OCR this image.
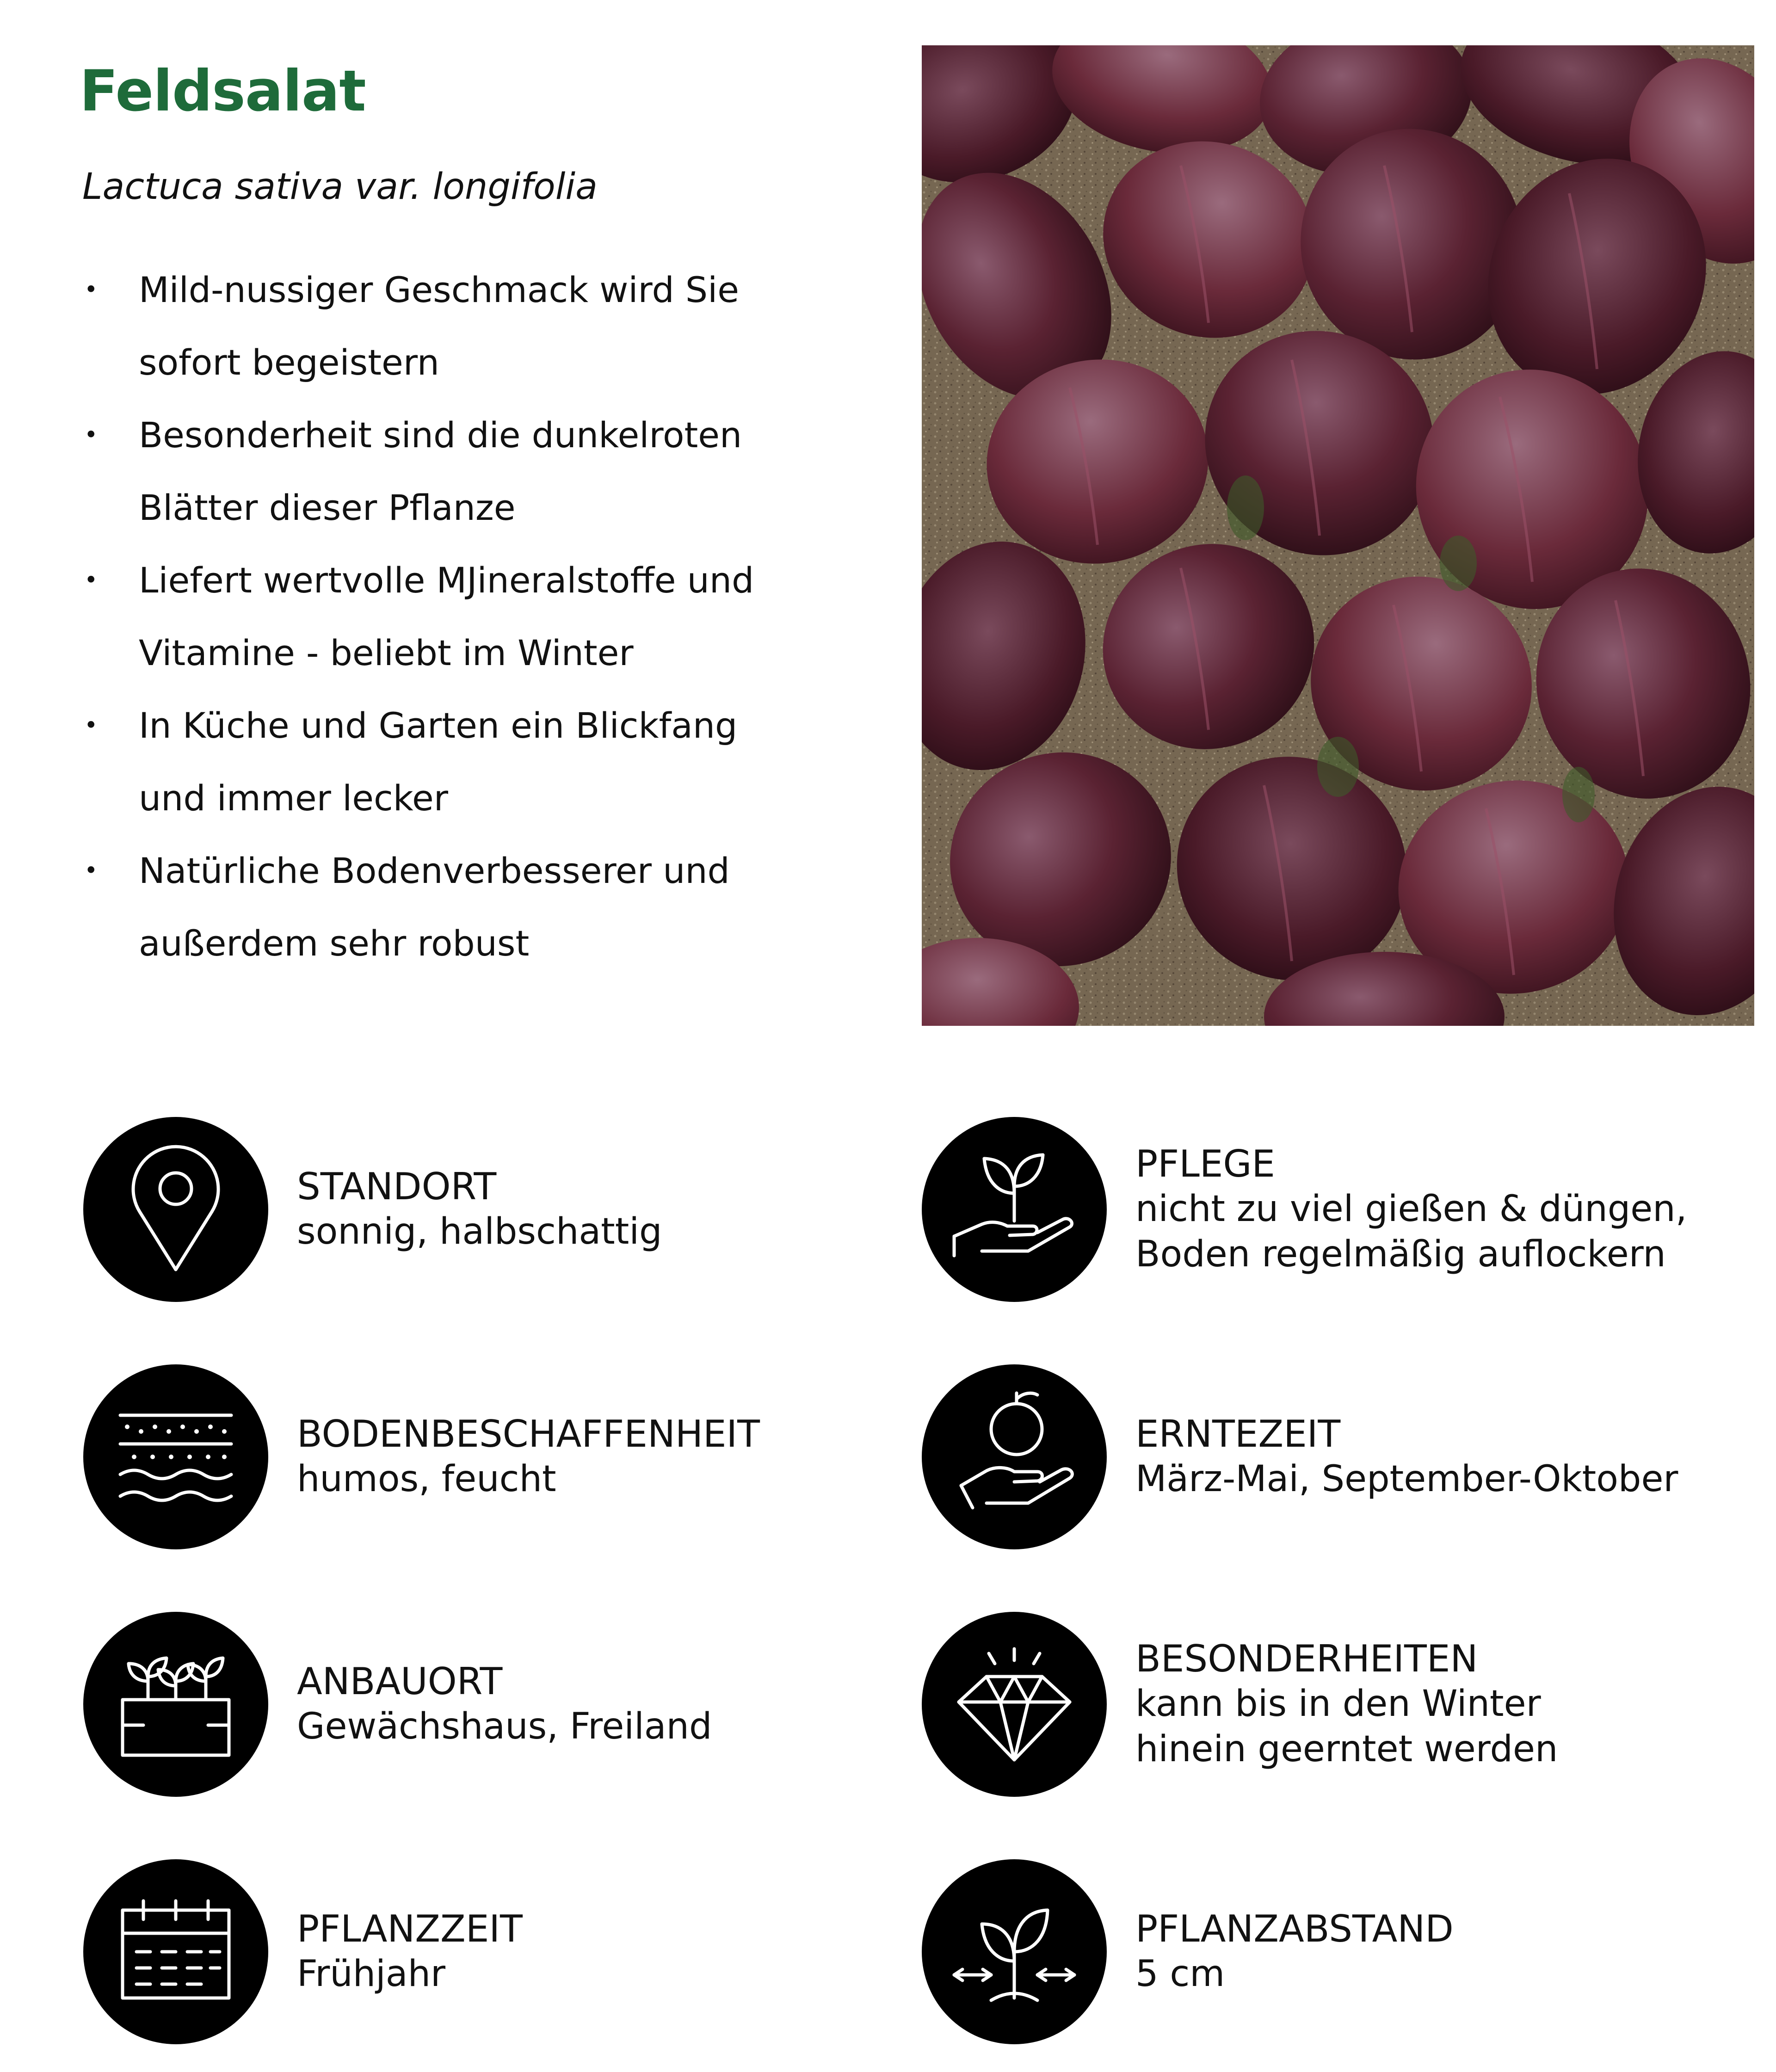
Feldsalat
Lactuca sativa var. longifolia
• Mild-nussiger Geschmack wird Sie
sofort begeistern
• Besonderheit sind die dunkelroten
Blätter dieser Pflanze
• Liefert wertvolle MJineralstoffe und
Vitamine - beliebt im Winter
• In Küche und Garten ein Blickfang
und immer lecker
• Natürliche Bodenverbesserer und
außerdem sehr robust
STANDORT
sonnig, halbschattig
PFLEGE
nicht zu viel gießen & düngen,
Boden regelmäßig auflockern
BODENBESCHAFFENHEIT
humos, feucht
ERNTEZEIT
März-Mai, September-Oktober
ANBAUORT
Gewächshaus, Freiland
BESONDERHEITEN
kann bis in den Winter
hinein geerntet werden
PFLANZZEIT
Frühjahr
PFLANZABSTAND
5 cm
